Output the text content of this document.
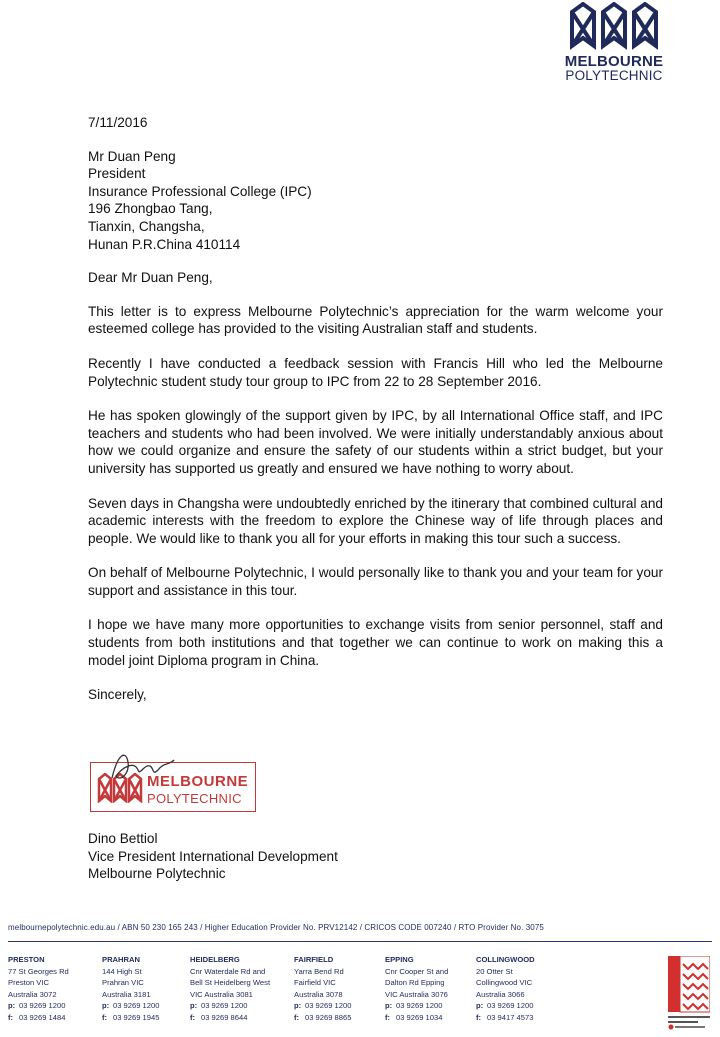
MELBOURNE
POLYTECHNIC

7/11/2016

Mr Duan Peng

President

Insurance Professional College (IPC)

196 Zhongbao Tang,

Tianxin, Changsha,

Hunan P.R.China 410114

Dear Mr Duan Peng,

This letter is to express Melbourne Polytechnic’s appreciation for the warm welcome your esteemed college has provided to the visiting Australian staff and students.

Recently I have conducted a feedback session with Francis Hill who led the Melbourne Polytechnic student study tour group to IPC from 22 to 28 September 2016.

He has spoken glowingly of the support given by IPC, by all International Office staff, and IPC teachers and students who had been involved. We were initially understandably anxious about how we could organize and ensure the safety of our students within a strict budget, but your university has supported us greatly and ensured we have nothing to worry about.

Seven days in Changsha were undoubtedly enriched by the itinerary that combined cultural and academic interests with the freedom to explore the Chinese way of life through places and people. We would like to thank you all for your efforts in making this tour such a success.

On behalf of Melbourne Polytechnic, I would personally like to thank you and your team for your support and assistance in this tour.

I hope we have many more opportunities to exchange visits from senior personnel, staff and students from both institutions and that together we can continue to work on making this a model joint Diploma program in China.

Sincerely,

MELBOURNE
POLYTECHNIC
Dino Bettiol
Vice President International Development
Melbourne Polytechnic
melbournepolytechnic.edu.au / ABN 50 230 165 243 / Higher Education Provider No. PRV12142 / CRICOS CODE 007240 / RTO Provider No. 3075
PRESTON
77 St Georges Rd
Preston VIC
Australia 3072
p: 03 9269 1200
f: 03 9269 1484
PRAHRAN
144 High St
Prahran VIC
Australia 3181
p: 03 9269 1200
f: 03 9269 1945
HEIDELBERG
Cnr Waterdale Rd and
Bell St Heidelberg West
VIC Australia 3081
p: 03 9269 1200
f: 03 9269 8644
FAIRFIELD
Yarra Bend Rd
Fairfield VIC
Australia 3078
p: 03 9269 1200
f: 03 9269 8865
EPPING
Cnr Cooper St and
Dalton Rd Epping
VIC Australia 3076
p: 03 9269 1200
f: 03 9269 1034
COLLINGWOOD
20 Otter St
Collingwood VIC
Australia 3066
p: 03 9269 1200
f: 03 9417 4573
